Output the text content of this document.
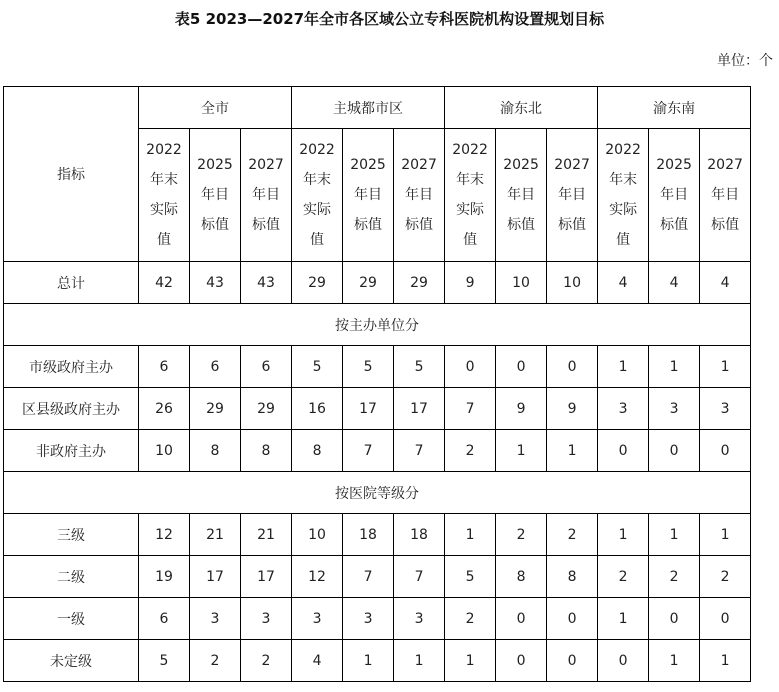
表5 2023—2027年全市各区域公立专科医院机构设置规划目标
单位：个
指标	全市			主城都市区			渝东北			渝东南		

	2022
年末
实际
值	2025
年目
标值	2027
年目
标值	2022
年末
实际
值	2025
年目
标值	2027
年目
标值	2022
年末
实际
值	2025
年目
标值	2027
年目
标值	2022
年末
实际
值	2025
年目
标值	2027
年目
标值

总计	42	43	43	29	29	29	9	10	10	4	4	4
按主办单位分												
市级政府主办	6	6	6	5	5	5	0	0	0	1	1	1
区县级政府主办	26	29	29	16	17	17	7	9	9	3	3	3
非政府主办	10	8	8	8	7	7	2	1	1	0	0	0
按医院等级分												
三级	12	21	21	10	18	18	1	2	2	1	1	1
二级	19	17	17	12	7	7	5	8	8	2	2	2
一级	6	3	3	3	3	3	2	0	0	1	0	0
未定级	5	2	2	4	1	1	1	0	0	0	1	1
